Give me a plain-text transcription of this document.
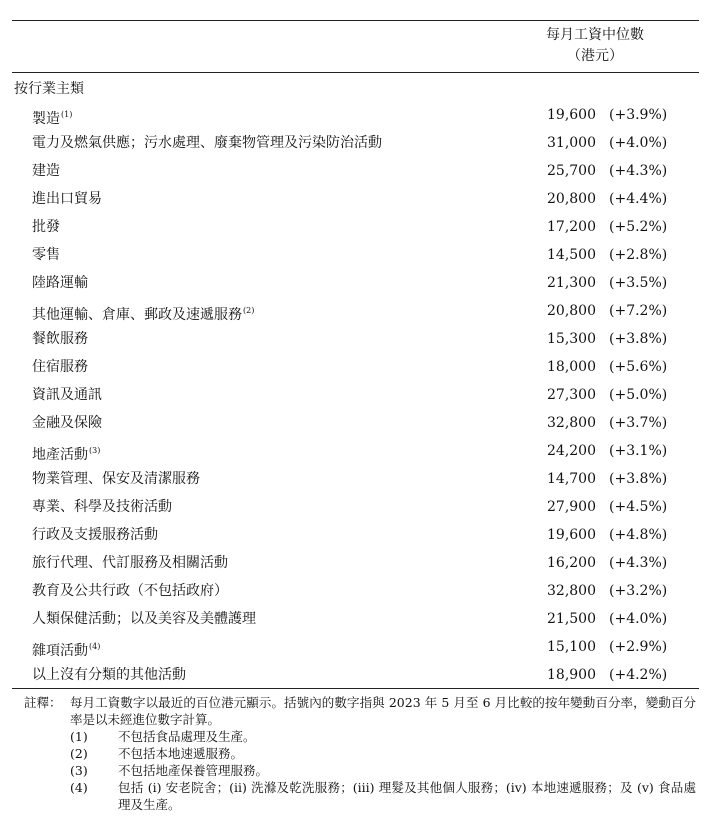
每月工資中位數
（港元）
按行業主類
製造$^{(1)}$	19,600 (+3.9%)
電力及燃氣供應；污水處理、廢棄物管理及污染防治活動	31,000 (+4.0%)
建造	25,700 (+4.3%)
進出口貿易	20,800 (+4.4%)
批發	17,200 (+5.2%)
零售	14,500 (+2.8%)
陸路運輸	21,300 (+3.5%)
其他運輸、倉庫、郵政及速遞服務$^{(2)}$	20,800 (+7.2%)
餐飲服務	15,300 (+3.8%)
住宿服務	18,000 (+5.6%)
資訊及通訊	27,300 (+5.0%)
金融及保險	32,800 (+3.7%)
地產活動$^{(3)}$	24,200 (+3.1%)
物業管理、保安及清潔服務	14,700 (+3.8%)
專業、科學及技術活動	27,900 (+4.5%)
行政及支援服務活動	19,600 (+4.8%)
旅行代理、代訂服務及相關活動	16,200 (+4.3%)
教育及公共行政（不包括政府）	32,800 (+3.2%)
人類保健活動；以及美容及美體護理	21,500 (+4.0%)
雜項活動$^{(4)}$	15,100 (+2.9%)
以上沒有分類的其他活動	18,900 (+4.2%)
註釋： 每月工資數字以最近的百位港元顯示。括號內的數字指與 2023 年 5 月至 6 月比較的按年變動百分率，變動百分率是以未經進位數字計算。
(1) 不包括食品處理及生產。
(2) 不包括本地速遞服務。
(3) 不包括地產保養管理服務。
(4) 包括 (i) 安老院舍；(ii) 洗滌及乾洗服務；(iii) 理髮及其他個人服務；(iv) 本地速遞服務；及 (v) 食品處理及生產。
